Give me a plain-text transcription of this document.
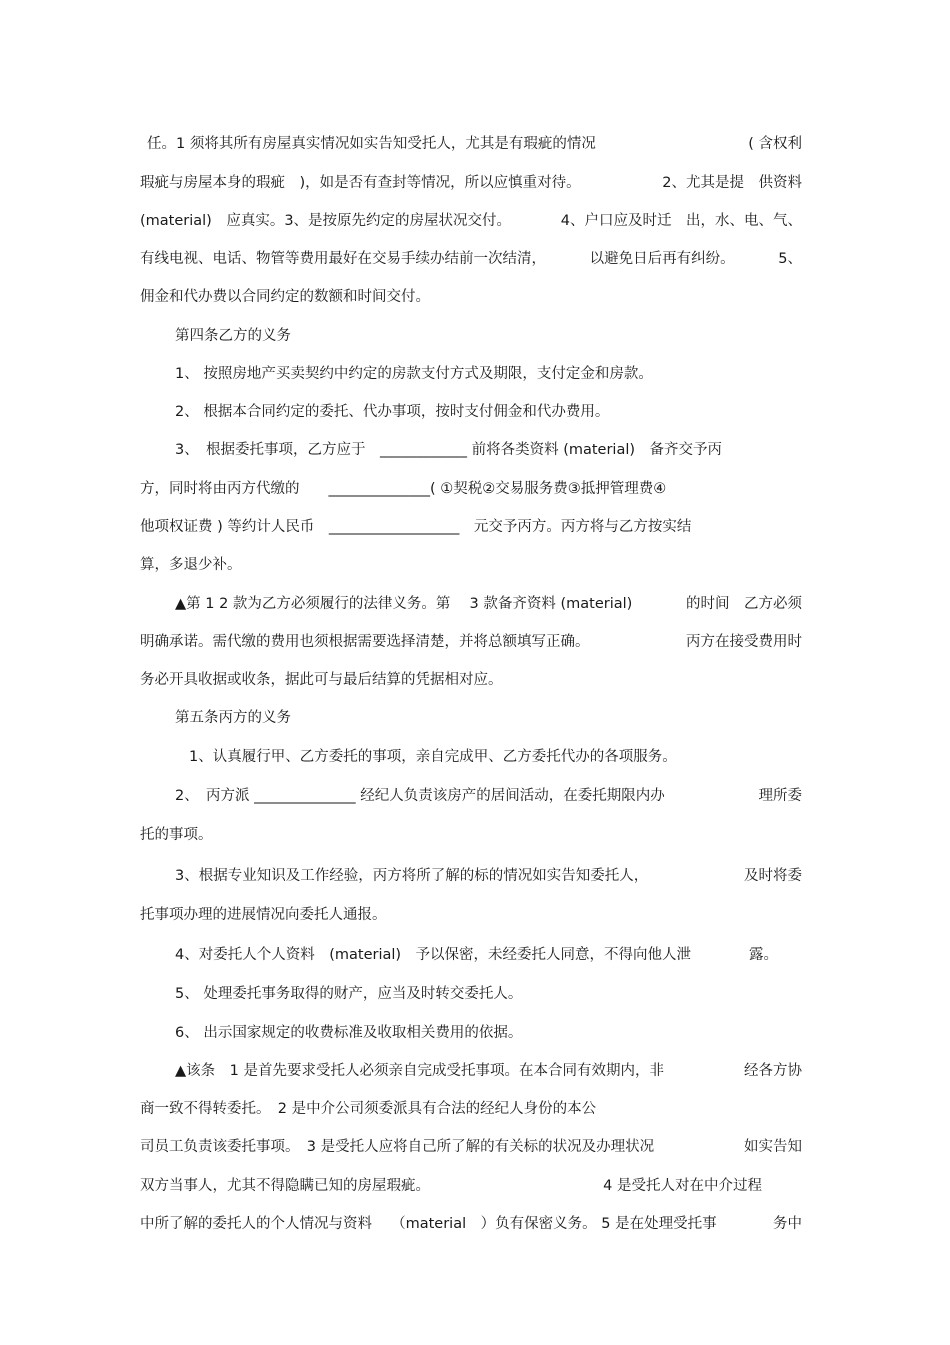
任。1 须将其所有房屋真实情况如实告知受托人，尤其是有瑕疵的情况	( 含权利
瑕疵与房屋本身的瑕疵　)，如是否有查封等情况，所以应慎重对待。	2、尤其是提　供资料
(material)　应真实。3、是按原先约定的房屋状况交付。	4、户口应及时迁　出，水、电、气、
有线电视、电话、物管等费用最好在交易手续办结前一次结清，	以避免日后再有纠纷。	5、
佣金和代办费以合同约定的数额和时间交付。
第四条乙方的义务
1、 按照房地产买卖契约中约定的房款支付方式及期限，支付定金和房款。
2、 根据本合同约定的委托、代办事项，按时支付佣金和代办费用。
3、　根据委托事项，乙方应于　____________ 前将各类资料 (material)　备齐交予丙
方，同时将由丙方代缴的　　______________( ①契税②交易服务费③抵押管理费④
他项权证费 ) 等约计人民币　__________________　元交予丙方。丙方将与乙方按实结
算，多退少补。
▲第 1 2 款为乙方必须履行的法律义务。第　 3 款备齐资料 (material)	的时间　乙方必须
明确承诺。需代缴的费用也须根据需要选择清楚，并将总额填写正确。	丙方在接受费用时
务必开具收据或收条，据此可与最后结算的凭据相对应。
第五条丙方的义务
1、认真履行甲、乙方委托的事项，亲自完成甲、乙方委托代办的各项服务。
2、　丙方派 ______________ 经纪人负责该房产的居间活动，在委托期限内办	理所委
托的事项。
3、根据专业知识及工作经验，丙方将所了解的标的情况如实告知委托人，	及时将委
托事项办理的进展情况向委托人通报。
4、对委托人个人资料　(material)　予以保密，未经委托人同意，不得向他人泄	露。
5、 处理委托事务取得的财产，应当及时转交委托人。
6、 出示国家规定的收费标准及收取相关费用的依据。
▲该条　1 是首先要求受托人必须亲自完成受托事项。在本合同有效期内，非	经各方协
商一致不得转委托。　2 是中介公司须委派具有合法的经纪人身份的本公
司员工负责该委托事项。　3 是受托人应将自己所了解的有关标的状况及办理状况	如实告知
双方当事人，尤其不得隐瞒已知的房屋瑕疵。	4 是受托人对在中介过程
中所了解的委托人的个人情况与资料　 （material　）负有保密义务。 5 是在处理受托事	务中
